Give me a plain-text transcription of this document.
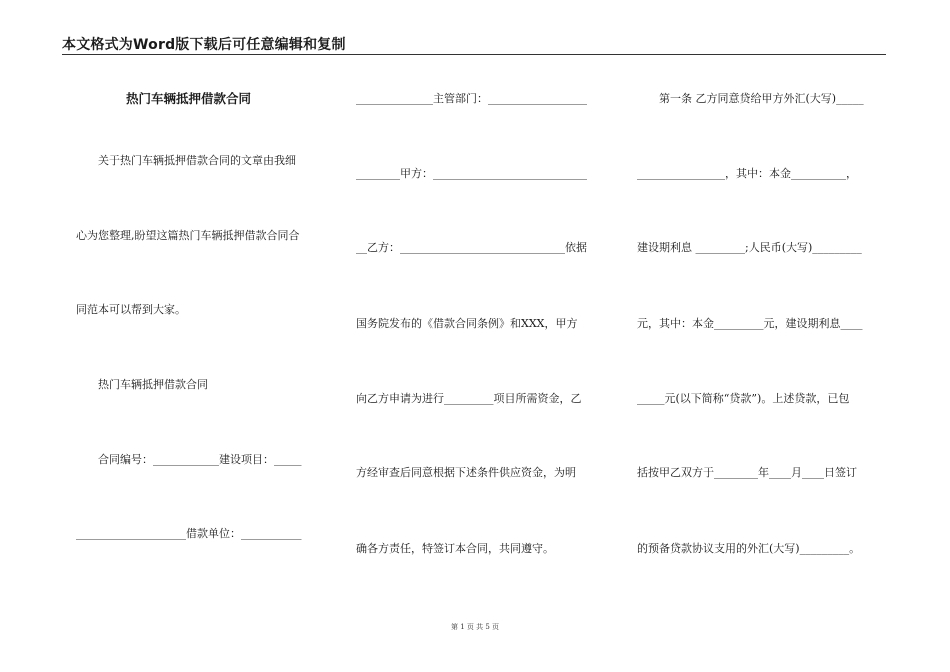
本文格式为Word版下载后可任意编辑和复制
　　　　热门车辆抵押借款合同
　　关于热门车辆抵押借款合同的文章由我细
心为您整理,盼望这篇热门车辆抵押借款合同合
同范本可以帮到大家。
　　热门车辆抵押借款合同
　　合同编号：____________建设项目：_____
____________________借款单位：___________
______________主管部门：__________________
________甲方：____________________________
__乙方：______________________________依据
国务院发布的《借款合同条例》和XXX，甲方
向乙方申请为进行_________项目所需资金，乙
方经审查后同意根据下述条件供应资金，为明
确各方责任，特签订本合同，共同遵守。
　　第一条 乙方同意贷给甲方外汇(大写)_____
________________，其中：本金__________，
建设期利息 _________;人民币(大写)_________
元，其中：本金_________元，建设期利息____
_____元(以下简称“贷款”)。上述贷款，已包
括按甲乙双方于________年____月____日签订
的预备贷款协议支用的外汇(大写)_________。
第 1 页 共 5 页
